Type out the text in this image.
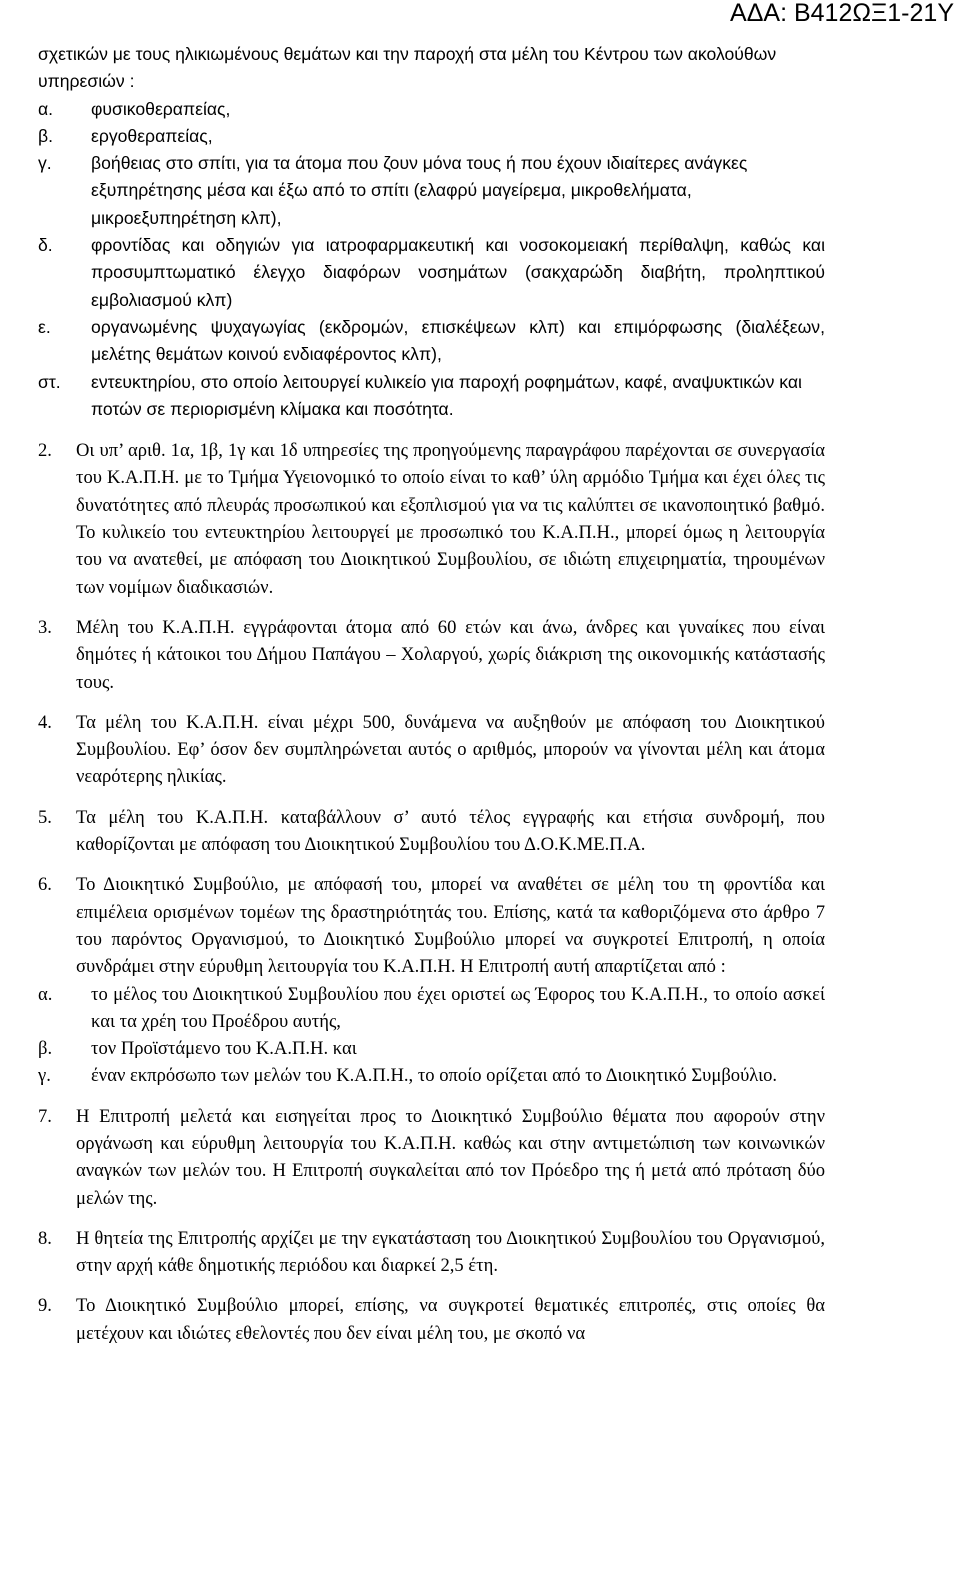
ΑΔΑ: Β412ΩΞ1-21Υ

σχετικών με τους ηλικιωμένους θεμάτων και την παροχή στα μέλη του Κέντρου των ακολούθων υπηρεσιών :

α.	φυσικοθεραπείας,
β.	εργοθεραπείας,
γ.	βοήθειας στο σπίτι, για τα άτομα που ζουν μόνα τους ή που έχουν ιδιαίτερες ανάγκες εξυπηρέτησης μέσα και έξω από το σπίτι (ελαφρύ μαγείρεμα, μικροθελήματα, μικροεξυπηρέτηση κλπ),
δ.	φροντίδας και οδηγιών για ιατροφαρμακευτική και νοσοκομειακή περίθαλψη, καθώς και προσυμπτωματικό έλεγχο διαφόρων νοσημάτων (σακχαρώδη διαβήτη, προληπτικού εμβολιασμού κλπ)
ε.	οργανωμένης ψυχαγωγίας (εκδρομών, επισκέψεων κλπ) και επιμόρφωσης (διαλέξεων, μελέτης θεμάτων κοινού ενδιαφέροντος κλπ),
στ.	εντευκτηρίου, στο οποίο λειτουργεί κυλικείο για παροχή ροφημάτων, καφέ, αναψυκτικών και ποτών σε περιορισμένη κλίμακα και ποσότητα.
2.	Οι υπ’ αριθ. 1α, 1β, 1γ και 1δ υπηρεσίες της προηγούμενης παραγράφου παρέχονται σε συνεργασία του Κ.Α.Π.Η. με το Τμήμα Υγειονομικό το οποίο είναι το καθ’ ύλη αρμόδιο Τμήμα και έχει όλες τις δυνατότητες από πλευράς προσωπικού και εξοπλισμού για να τις καλύπτει σε ικανοποιητικό βαθμό. Το κυλικείο του εντευκτηρίου λειτουργεί με προσωπικό του Κ.Α.Π.Η., μπορεί όμως η λειτουργία του να ανατεθεί, με απόφαση του Διοικητικού Συμβουλίου, σε ιδιώτη επιχειρηματία, τηρουμένων των νομίμων διαδικασιών.
3.	Μέλη του Κ.Α.Π.Η. εγγράφονται άτομα από 60 ετών και άνω, άνδρες και γυναίκες που είναι δημότες ή κάτοικοι του Δήμου Παπάγου – Χολαργού, χωρίς διάκριση της οικονομικής κατάστασής τους.
4.	Τα μέλη του Κ.Α.Π.Η. είναι μέχρι 500, δυνάμενα να αυξηθούν με απόφαση του Διοικητικού Συμβουλίου. Εφ’ όσον δεν συμπληρώνεται αυτός ο αριθμός, μπορούν να γίνονται μέλη και άτομα νεαρότερης ηλικίας.
5.	Τα μέλη του Κ.Α.Π.Η. καταβάλλουν σ’ αυτό τέλος εγγραφής και ετήσια συνδρομή, που καθορίζονται με απόφαση του Διοικητικού Συμβουλίου του Δ.Ο.Κ.ΜΕ.Π.Α.
6.	Το Διοικητικό Συμβούλιο, με απόφασή του, μπορεί να αναθέτει σε μέλη του τη φροντίδα και επιμέλεια ορισμένων τομέων της δραστηριότητάς του. Επίσης, κατά τα καθοριζόμενα στο άρθρο 7 του παρόντος Οργανισμού, το Διοικητικό Συμβούλιο μπορεί να συγκροτεί Επιτροπή, η οποία συνδράμει στην εύρυθμη λειτουργία του Κ.Α.Π.Η. Η Επιτροπή αυτή απαρτίζεται από :

α.	το μέλος του Διοικητικού Συμβουλίου που έχει οριστεί ως Έφορος του Κ.Α.Π.Η., το οποίο ασκεί και τα χρέη του Προέδρου αυτής,
β.	τον Προϊστάμενο του Κ.Α.Π.Η. και
γ.	έναν εκπρόσωπο των μελών του Κ.Α.Π.Η., το οποίο ορίζεται από το Διοικητικό Συμβούλιο.
7.	Η Επιτροπή μελετά και εισηγείται προς το Διοικητικό Συμβούλιο θέματα που αφορούν στην οργάνωση και εύρυθμη λειτουργία του Κ.Α.Π.Η. καθώς και στην αντιμετώπιση των κοινωνικών αναγκών των μελών του. Η Επιτροπή συγκαλείται από τον Πρόεδρο της ή μετά από πρόταση δύο μελών της.
8.	Η θητεία της Επιτροπής αρχίζει με την εγκατάσταση του Διοικητικού Συμβουλίου του Οργανισμού, στην αρχή κάθε δημοτικής περιόδου και διαρκεί 2,5 έτη.
9.	Το Διοικητικό Συμβούλιο μπορεί, επίσης, να συγκροτεί θεματικές επιτροπές, στις οποίες θα μετέχουν και ιδιώτες εθελοντές που δεν είναι μέλη του, με σκοπό να
